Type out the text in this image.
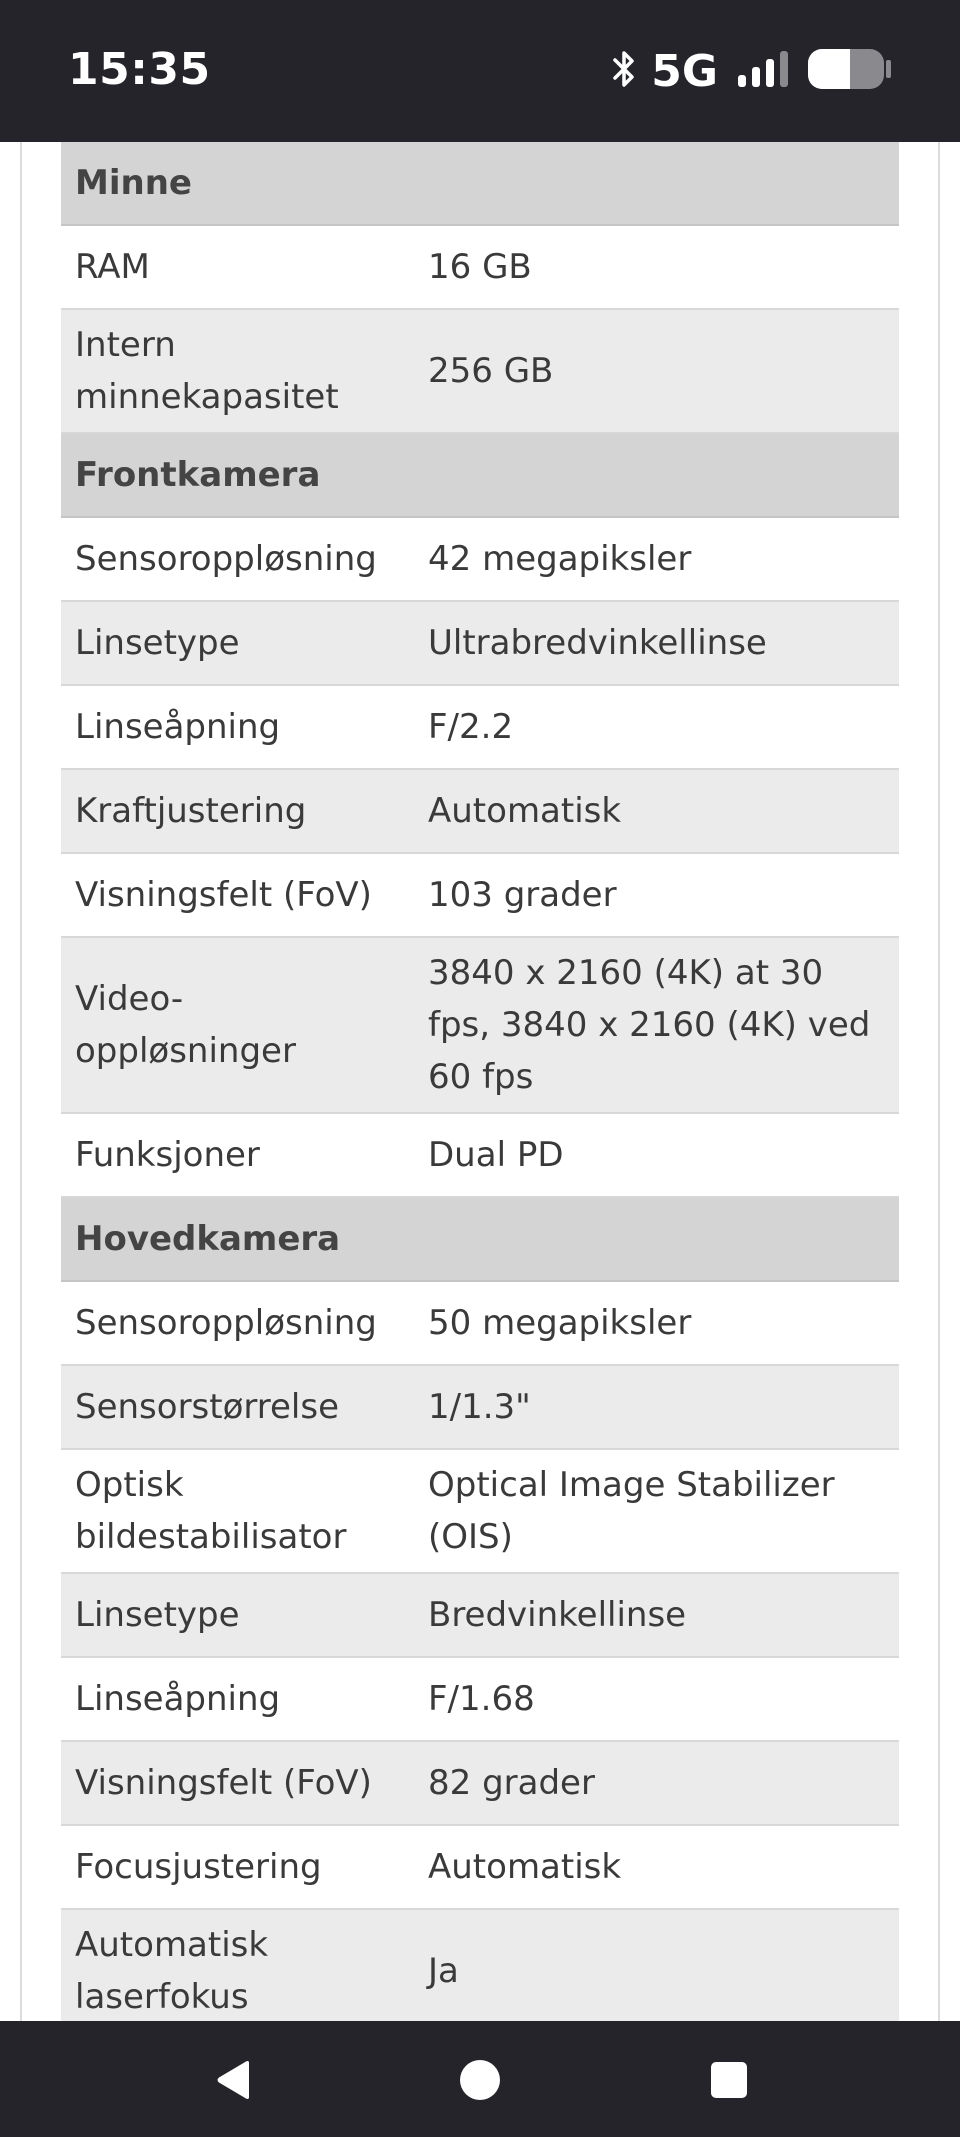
15:35	5G
Minne	
RAM	16 GB
Intern minnekapasitet	256 GB
Frontkamera	
Sensoroppløsning	42 megapiksler
Linsetype	Ultrabredvinkellinse
Linseåpning	F/2.2
Kraftjustering	Automatisk
Visningsfelt (FoV)	103 grader
Video-oppløsninger	3840 x 2160 (4K) at 30 fps, 3840 x 2160 (4K) ved 60 fps
Funksjoner	Dual PD
Hovedkamera	
Sensoroppløsning	50 megapiksler
Sensorstørrelse	1/1.3"
Optisk bildestabilisator	Optical Image Stabilizer (OIS)
Linsetype	Bredvinkellinse
Linseåpning	F/1.68
Visningsfelt (FoV)	82 grader
Focusjustering	Automatisk
Automatisk laserfokus	Ja
